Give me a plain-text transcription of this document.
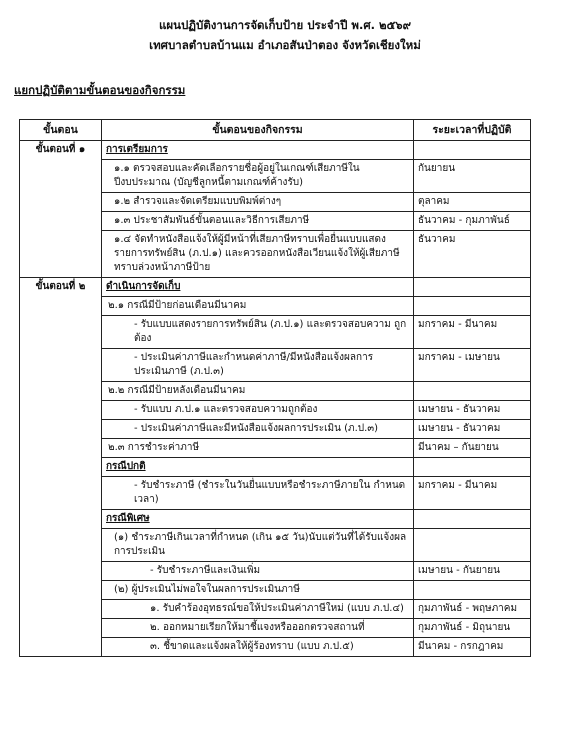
แผนปฏิบัติงานการจัดเก็บป้าย ประจำปี พ.ศ. ๒๕๖๙
เทศบาลตำบลบ้านแม อำเภอสันป่าตอง จังหวัดเชียงใหม่
แยกปฏิบัติตามขั้นตอนของกิจกรรม
ขั้นตอน	ขั้นตอนของกิจกรรม	ระยะเวลาที่ปฏิบัติ
ขั้นตอนที่ ๑	การเตรียมการ	
	๑.๑ ตรวจสอบและคัดเลือกรายชื่อผู้อยู่ในเกณฑ์เสียภาษีใน ปีงบประมาณ (บัญชีลูกหนี้ตามเกณฑ์ค้างรับ)	กันยายน
	๑.๒ สำรวจและจัดเตรียมแบบพิมพ์ต่างๆ	ตุลาคม
	๑.๓ ประชาสัมพันธ์ขั้นตอนและวิธีการเสียภาษี	ธันวาคม - กุมภาพันธ์
	๑.๔ จัดทำหนังสือแจ้งให้ผู้มีหน้าที่เสียภาษีทราบเพื่อยื่นแบบแสดงรายการทรัพย์สิน (ภ.ป.๑) และควรออกหนังสือเวียนแจ้งให้ผู้เสียภาษีทราบล่วงหน้าภาษีป้าย	ธันวาคม
ขั้นตอนที่ ๒	ดำเนินการจัดเก็บ	
	๒.๑ กรณีมีป้ายก่อนเดือนมีนาคม	
	- รับแบบแสดงรายการทรัพย์สิน (ภ.ป.๑) และตรวจสอบความ ถูกต้อง	มกราคม - มีนาคม
	- ประเมินค่าภาษีและกำหนดค่าภาษี/มีหนังสือแจ้งผลการ ประเมินภาษี (ภ.ป.๓)	มกราคม - เมษายน
	๒.๒ กรณีมีป้ายหลังเดือนมีนาคม	
	- รับแบบ ภ.ป.๑ และตรวจสอบความถูกต้อง	เมษายน - ธันวาคม
	- ประเมินค่าภาษีและมีหนังสือแจ้งผลการประเมิน (ภ.ป.๓)	เมษายน - ธันวาคม
	๒.๓ การชำระค่าภาษี	มีนาคม – กันยายน
	กรณีปกติ	
	- รับชำระภาษี (ชำระในวันยื่นแบบหรือชำระภาษีภายใน กำหนดเวลา)	มกราคม - มีนาคม
	กรณีพิเศษ	
	(๑) ชำระภาษีเกินเวลาที่กำหนด (เกิน ๑๕ วัน)นับแต่วันที่ได้รับแจ้งผลการประเมิน	
	- รับชำระภาษีและเงินเพิ่ม	เมษายน - กันยายน
	(๒) ผู้ประเมินไม่พอใจในผลการประเมินภาษี	
	๑. รับคำร้องอุทธรณ์ขอให้ประเมินค่าภาษีใหม่ (แบบ ภ.ป.๔)	กุมภาพันธ์ - พฤษภาคม
	๒. ออกหมายเรียกให้มาชี้แจงหรือออกตรวจสถานที่	กุมภาพันธ์ - มิถุนายน
	๓. ชี้ขาดและแจ้งผลให้ผู้ร้องทราบ (แบบ ภ.ป.๕)	มีนาคม - กรกฎาคม
